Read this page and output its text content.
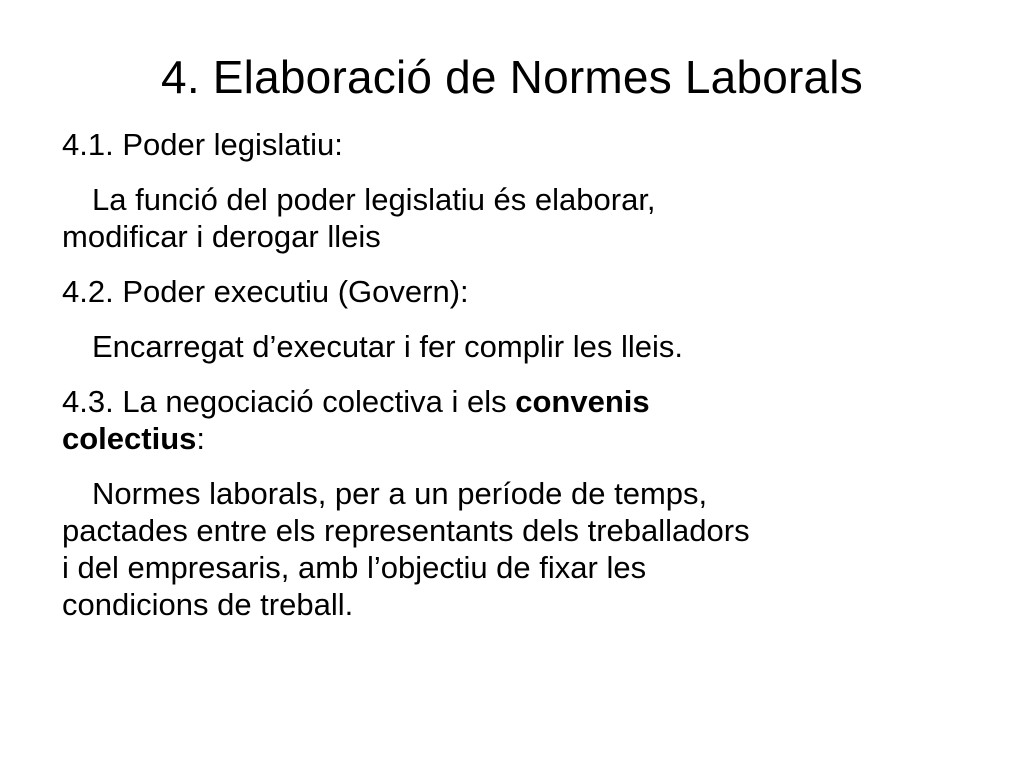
4. Elaboració de Normes Laborals

4.1. Poder legislatiu:

La funció del poder legislatiu és elaborar,

modificar i derogar lleis

4.2. Poder executiu (Govern):

Encarregat d’executar i fer complir les lleis.

4.3. La negociació colectiva i els convenis

colectius:

Normes laborals, per a un període de temps,

pactades entre els representants dels treballadors

i del empresaris, amb l’objectiu de fixar les

condicions de treball.
